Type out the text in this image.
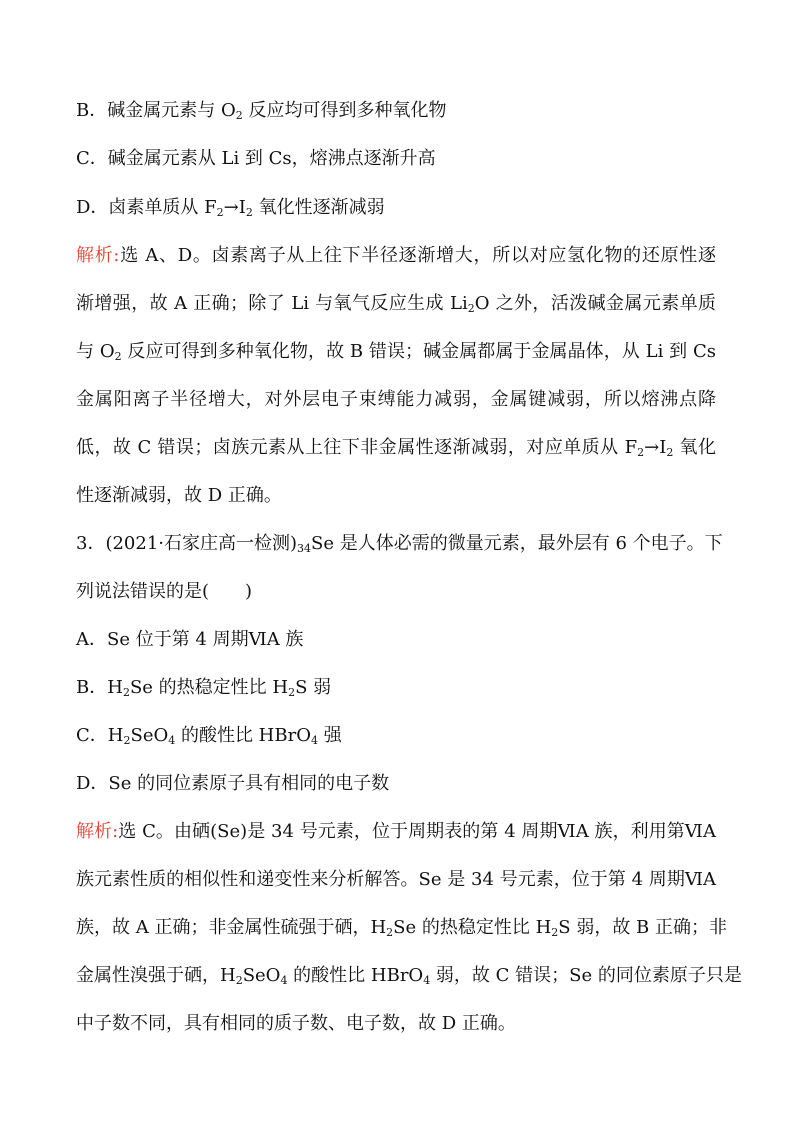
B．碱金属元素与 $O_2$ 反应均可得到多种氧化物
C．碱金属元素从 Li 到 Cs，熔沸点逐渐升高
D．卤素单质从 $F_2\to I_2$ 氧化性逐渐减弱
解析:选 A、D。卤素离子从上往下半径逐渐增大，所以对应氢化物的还原性逐
渐增强，故 A 正确；除了 Li 与氧气反应生成 $Li_2O$ 之外，活泼碱金属元素单质
与 $O_2$ 反应可得到多种氧化物，故 B 错误；碱金属都属于金属晶体，从 Li 到 Cs
金属阳离子半径增大，对外层电子束缚能力减弱，金属键减弱，所以熔沸点降
低，故 C 错误；卤族元素从上往下非金属性逐渐减弱，对应单质从 $F_2\to I_2$ 氧化
性逐渐减弱，故 D 正确。
3．(2021·石家庄高一检测)$_{34}Se$ 是人体必需的微量元素，最外层有 6 个电子。下
列说法错误的是(　　)
A．Se 位于第 4 周期ⅥA 族
B．$H_2Se$ 的热稳定性比 $H_2S$ 弱
C．$H_2SeO_4$ 的酸性比 HBrO$_4$ 强
D．Se 的同位素原子具有相同的电子数
解析:选 C。由硒(Se)是 34 号元素，位于周期表的第 4 周期ⅥA 族，利用第ⅥA
族元素性质的相似性和递变性来分析解答。Se 是 34 号元素，位于第 4 周期ⅥA
族，故 A 正确；非金属性硫强于硒，$H_2Se$ 的热稳定性比 $H_2S$ 弱，故 B 正确；非
金属性溴强于硒，$H_2SeO_4$ 的酸性比 HBrO$_4$ 弱，故 C 错误；Se 的同位素原子只是
中子数不同，具有相同的质子数、电子数，故 D 正确。
